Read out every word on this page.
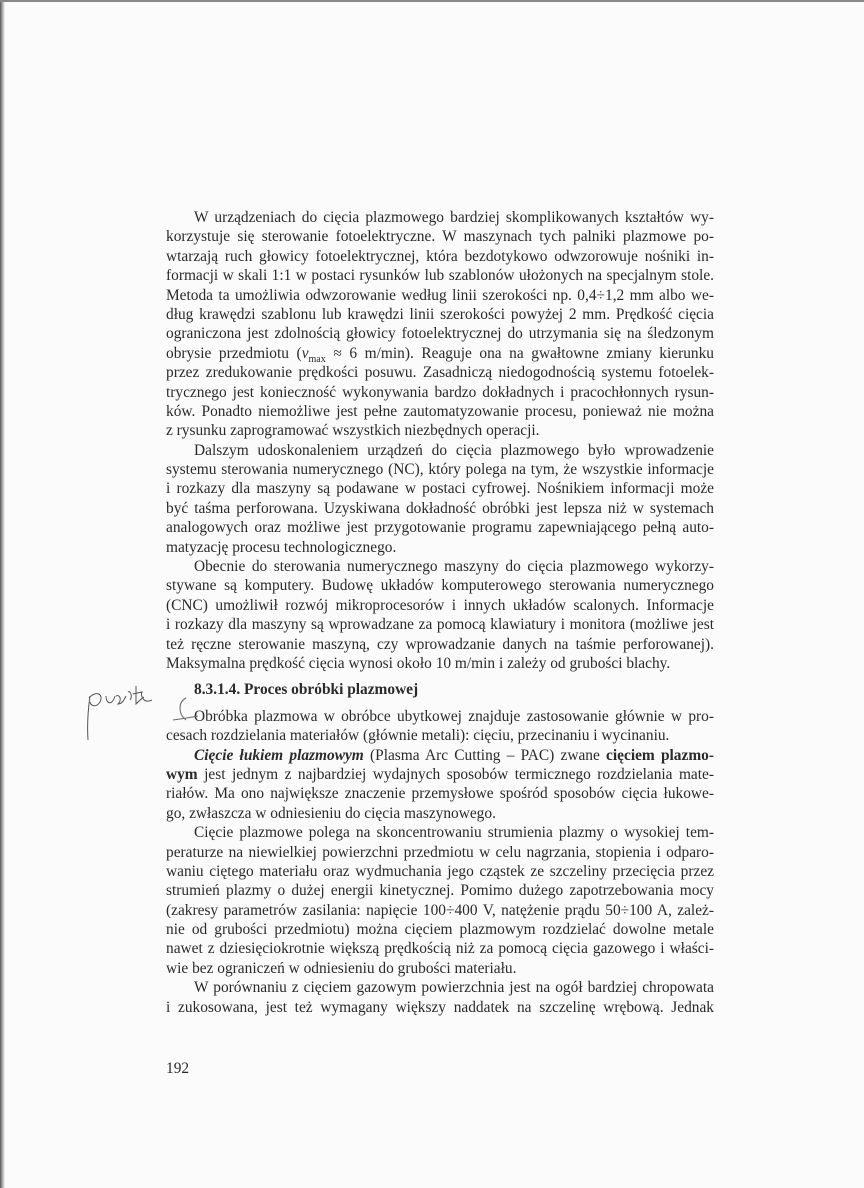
W urządzeniach do cięcia plazmowego bardziej skomplikowanych kształtów wy-
korzystuje się sterowanie fotoelektryczne. W maszynach tych palniki plazmowe po-
wtarzają ruch głowicy fotoelektrycznej, która bezdotykowo odwzorowuje nośniki in-
formacji w skali 1:1 w postaci rysunków lub szablonów ułożonych na specjalnym stole.
Metoda ta umożliwia odwzorowanie według linii szerokości np. 0,4÷1,2 mm albo we-
dług krawędzi szablonu lub krawędzi linii szerokości powyżej 2 mm. Prędkość cięcia
ograniczona jest zdolnością głowicy fotoelektrycznej do utrzymania się na śledzonym
obrysie przedmiotu ($v_{max} \approx 6$ m/min). Reaguje ona na gwałtowne zmiany kierunku
przez zredukowanie prędkości posuwu. Zasadniczą niedogodnością systemu fotoelek-
trycznego jest konieczność wykonywania bardzo dokładnych i pracochłonnych rysun-
ków. Ponadto niemożliwe jest pełne zautomatyzowanie procesu, ponieważ nie można
z rysunku zaprogramować wszystkich niezbędnych operacji.
Dalszym udoskonaleniem urządzeń do cięcia plazmowego było wprowadzenie
systemu sterowania numerycznego (NC), który polega na tym, że wszystkie informacje
i rozkazy dla maszyny są podawane w postaci cyfrowej. Nośnikiem informacji może
być taśma perforowana. Uzyskiwana dokładność obróbki jest lepsza niż w systemach
analogowych oraz możliwe jest przygotowanie programu zapewniającego pełną auto-
matyzację procesu technologicznego.
Obecnie do sterowania numerycznego maszyny do cięcia plazmowego wykorzy-
stywane są komputery. Budowę układów komputerowego sterowania numerycznego
(CNC) umożliwił rozwój mikroprocesorów i innych układów scalonych. Informacje
i rozkazy dla maszyny są wprowadzane za pomocą klawiatury i monitora (możliwe jest
też ręczne sterowanie maszyną, czy wprowadzanie danych na taśmie perforowanej).
Maksymalna prędkość cięcia wynosi około 10 m/min i zależy od grubości blachy.
8.3.1.4. Proces obróbki plazmowej
Obróbka plazmowa w obróbce ubytkowej znajduje zastosowanie głównie w pro-
cesach rozdzielania materiałów (głównie metali): cięciu, przecinaniu i wycinaniu.
Cięcie łukiem plazmowym (Plasma Arc Cutting – PAC) zwane cięciem plazmo-
wym jest jednym z najbardziej wydajnych sposobów termicznego rozdzielania mate-
riałów. Ma ono największe znaczenie przemysłowe spośród sposobów cięcia łukowe-
go, zwłaszcza w odniesieniu do cięcia maszynowego.
Cięcie plazmowe polega na skoncentrowaniu strumienia plazmy o wysokiej tem-
peraturze na niewielkiej powierzchni przedmiotu w celu nagrzania, stopienia i odparo-
waniu ciętego materiału oraz wydmuchania jego cząstek ze szczeliny przecięcia przez
strumień plazmy o dużej energii kinetycznej. Pomimo dużego zapotrzebowania mocy
(zakresy parametrów zasilania: napięcie 100÷400 V, natężenie prądu 50÷100 A, zależ-
nie od grubości przedmiotu) można cięciem plazmowym rozdzielać dowolne metale
nawet z dziesięciokrotnie większą prędkością niż za pomocą cięcia gazowego i właści-
wie bez ograniczeń w odniesieniu do grubości materiału.
W porównaniu z cięciem gazowym powierzchnia jest na ogół bardziej chropowata
i zukosowana, jest też wymagany większy naddatek na szczelinę wrębową. Jednak
192
